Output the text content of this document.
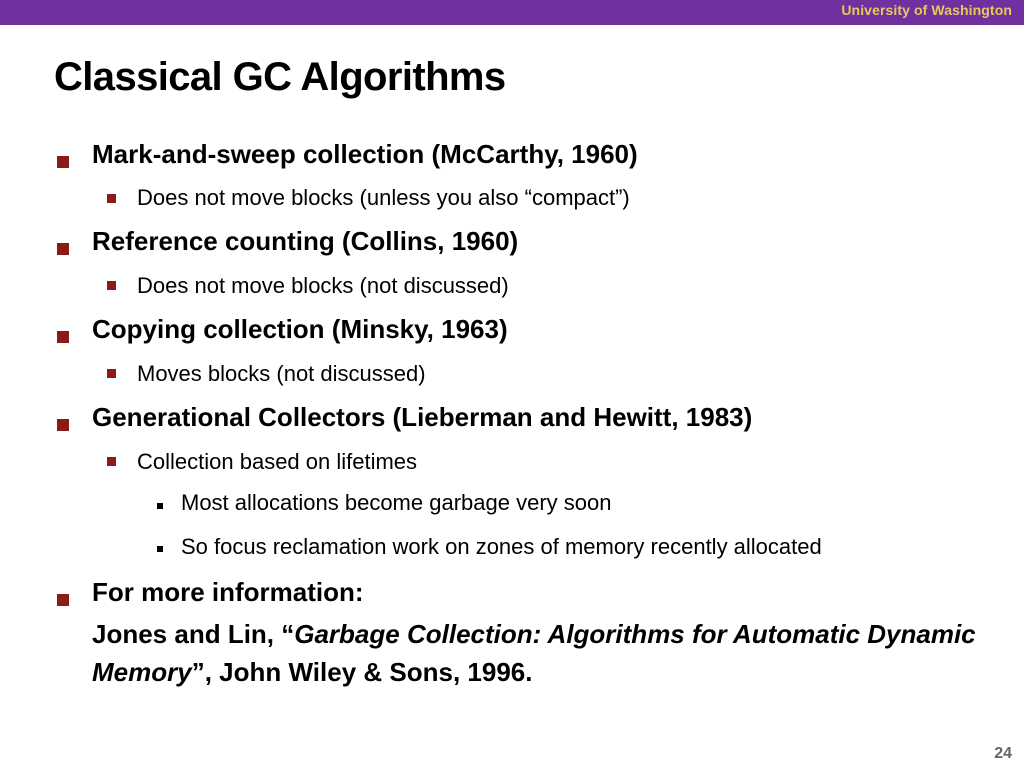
University of Washington
Classical GC Algorithms
Mark-and-sweep collection (McCarthy, 1960)
Does not move blocks (unless you also “compact”)
Reference counting (Collins, 1960)
Does not move blocks (not discussed)
Copying collection (Minsky, 1963)
Moves blocks (not discussed)
Generational Collectors (Lieberman and Hewitt, 1983)
Collection based on lifetimes
Most allocations become garbage very soon
So focus reclamation work on zones of memory recently allocated
For more information:
Jones and Lin, “Garbage Collection: Algorithms for Automatic Dynamic Memory”, John Wiley & Sons, 1996.
24
